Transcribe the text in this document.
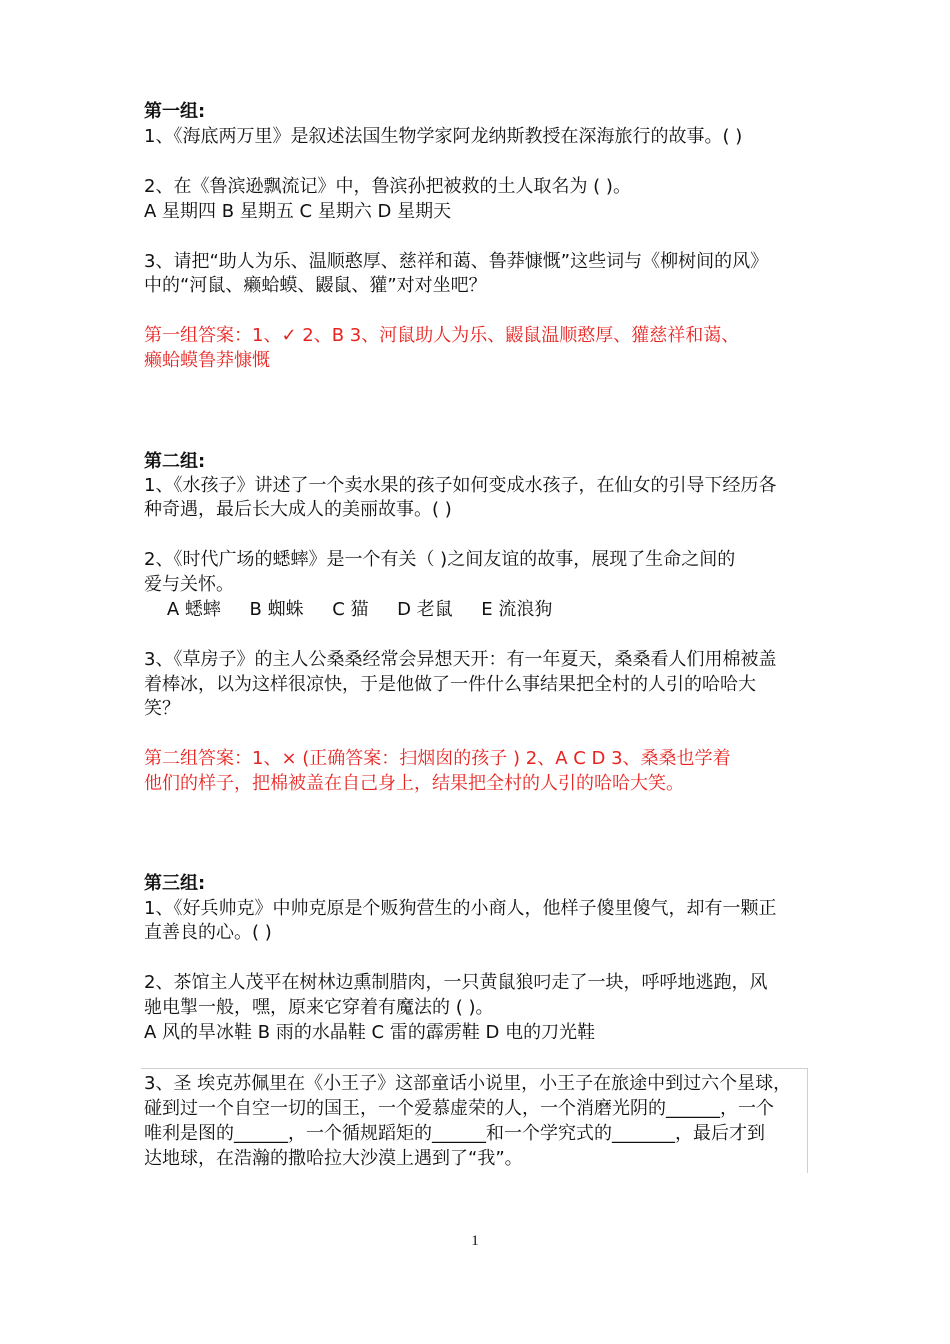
第一组:
1、《海底两万里》是叙述法国生物学家阿龙纳斯教授在深海旅行的故事。( )
2、在《鲁滨逊飘流记》中，鲁滨孙把被救的土人取名为 ( )。
A 星期四 B 星期五 C 星期六 D 星期天
3、请把“助人为乐、温顺憨厚、慈祥和蔼、鲁莽慷慨”这些词与《柳树间的风》
中的“河鼠、癞蛤蟆、鼹鼠、獾”对对坐吧？
第一组答案：1、✓ 2、B 3、河鼠助人为乐、鼹鼠温顺憨厚、獾慈祥和蔼、
癞蛤蟆鲁莽慷慨
第二组:
1、《水孩子》讲述了一个卖水果的孩子如何变成水孩子，在仙女的引导下经历各
种奇遇，最后长大成人的美丽故事。( )
2、《时代广场的蟋蟀》是一个有关（ )之间友谊的故事，展现了生命之间的
爱与关怀。
A 蟋蟀     B 蜘蛛     C 猫     D 老鼠     E 流浪狗
3、《草房子》的主人公桑桑经常会异想天开：有一年夏天，桑桑看人们用棉被盖
着棒冰，以为这样很凉快，于是他做了一件什么事结果把全村的人引的哈哈大
笑？
第二组答案：1、× (正确答案：扫烟囱的孩子 ) 2、A C D 3、桑桑也学着
他们的样子，把棉被盖在自己身上，结果把全村的人引的哈哈大笑。
第三组:
1、《好兵帅克》中帅克原是个贩狗营生的小商人，他样子傻里傻气，却有一颗正
直善良的心。( )
2、茶馆主人茂平在树林边熏制腊肉，一只黄鼠狼叼走了一块，呼呼地逃跑，风
驰电掣一般，嘿，原来它穿着有魔法的 ( )。
A 风的旱冰鞋 B 雨的水晶鞋 C 雷的霹雳鞋 D 电的刀光鞋
3、圣 埃克苏佩里在《小王子》这部童话小说里，小王子在旅途中到过六个星球，
碰到过一个自空一切的国王，一个爱慕虚荣的人，一个消磨光阴的______，一个
唯利是图的______，一个循规蹈矩的______和一个学究式的_______，最后才到
达地球，在浩瀚的撒哈拉大沙漠上遇到了“我”。
1
